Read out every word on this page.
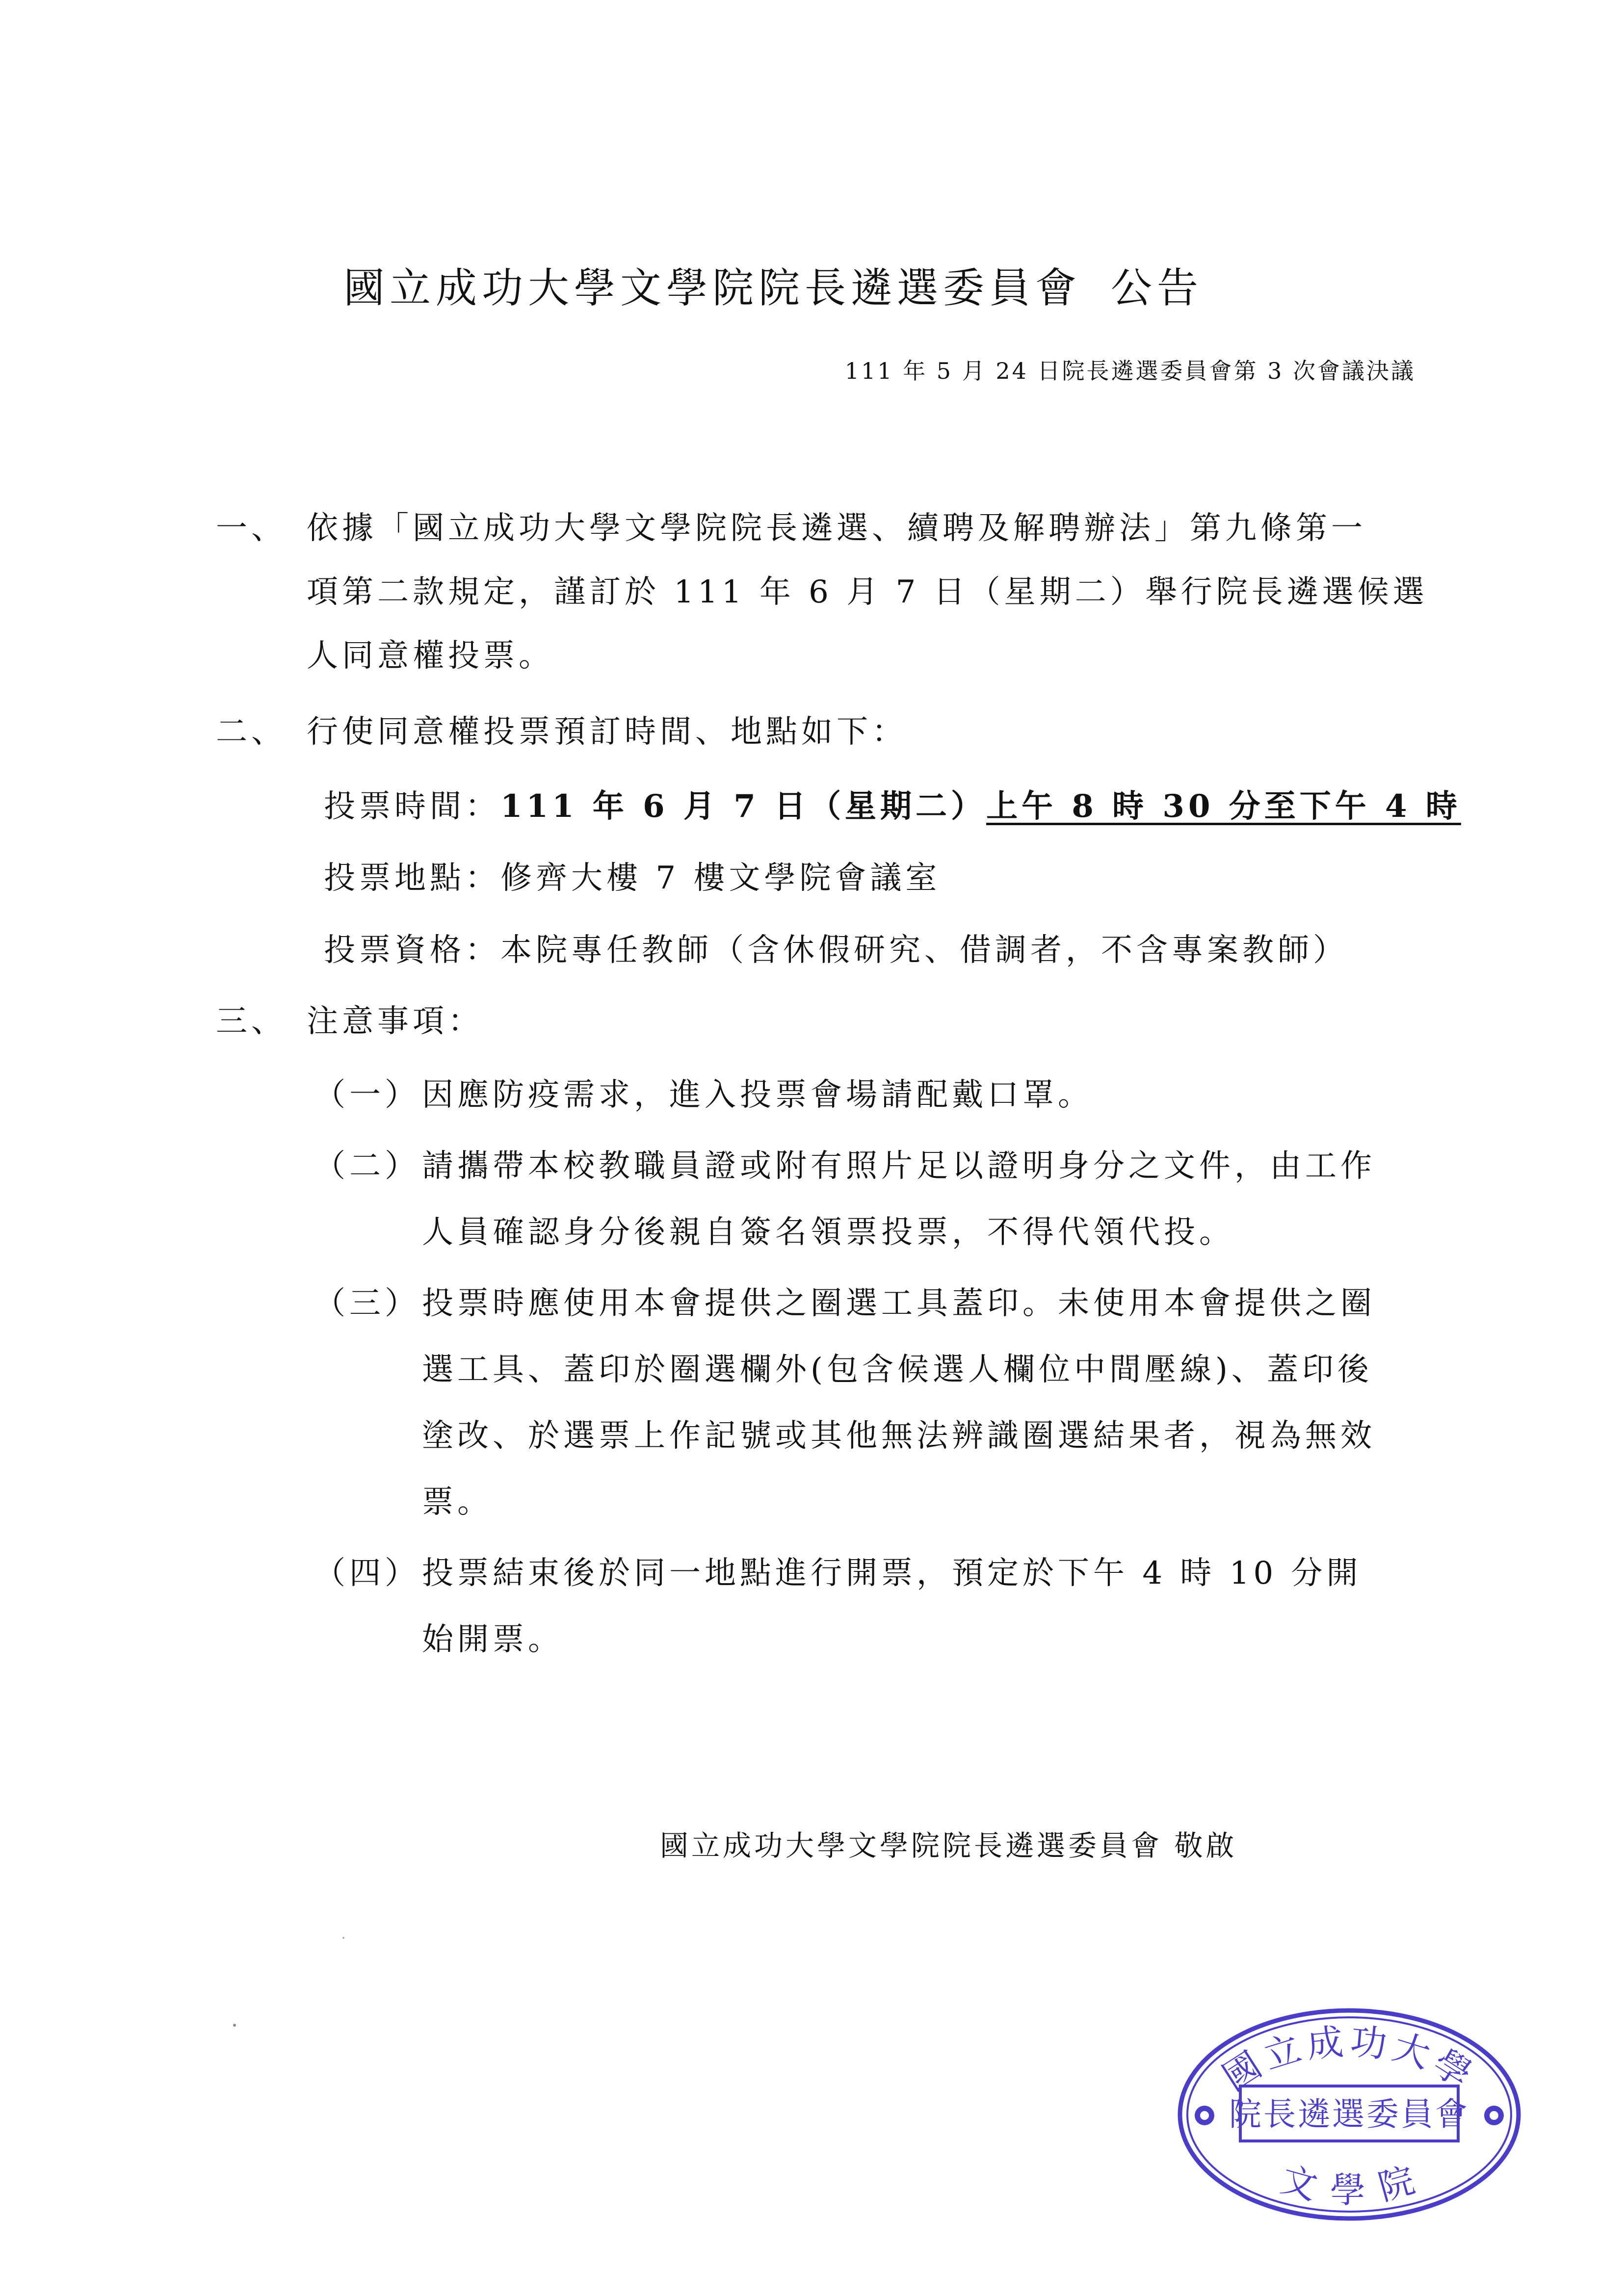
國立成功大學文學院院長遴選委員會 公告
111 年 5 月 24 日院長遴選委員會第 3 次會議決議
一、 依據「國立成功大學文學院院長遴選、續聘及解聘辦法」第九條第一
項第二款規定，謹訂於 111 年 6 月 7 日（星期二）舉行院長遴選候選
人同意權投票。
二、 行使同意權投票預訂時間、地點如下：
投票時間：111 年 6 月 7 日（星期二）上午 8 時 30 分至下午 4 時
投票地點：修齊大樓 7 樓文學院會議室
投票資格：本院專任教師（含休假研究、借調者，不含專案教師）
三、 注意事項：
（一） 因應防疫需求，進入投票會場請配戴口罩。
（二） 請攜帶本校教職員證或附有照片足以證明身分之文件，由工作
人員確認身分後親自簽名領票投票，不得代領代投。
（三） 投票時應使用本會提供之圈選工具蓋印。未使用本會提供之圈
選工具、蓋印於圈選欄外(包含候選人欄位中間壓線)、蓋印後
塗改、於選票上作記號或其他無法辨識圈選結果者，視為無效
票。
（四） 投票結束後於同一地點進行開票，預定於下午 4 時 10 分開
始開票。
國立成功大學文學院院長遴選委員會 敬啟
國立成功大學
院長遴選委員會
文 學 院
